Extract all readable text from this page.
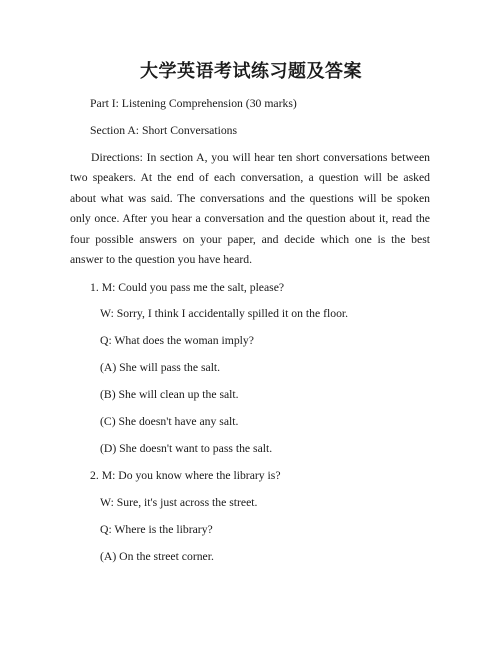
大学英语考试练习题及答案
Part I: Listening Comprehension (30 marks)
Section A: Short Conversations

Directions: In section A, you will hear ten short conversations between two speakers. At the end of each conversation, a question will be asked about what was said. The conversations and the questions will be spoken only once. After you hear a conversation and the question about it, read the four possible answers on your paper, and decide which one is the best answer to the question you have heard.

1. M: Could you pass me the salt, please?
W: Sorry, I think I accidentally spilled it on the floor.
Q: What does the woman imply?
(A) She will pass the salt.
(B) She will clean up the salt.
(C) She doesn't have any salt.
(D) She doesn't want to pass the salt.
2. M: Do you know where the library is?
W: Sure, it's just across the street.
Q: Where is the library?
(A) On the street corner.
